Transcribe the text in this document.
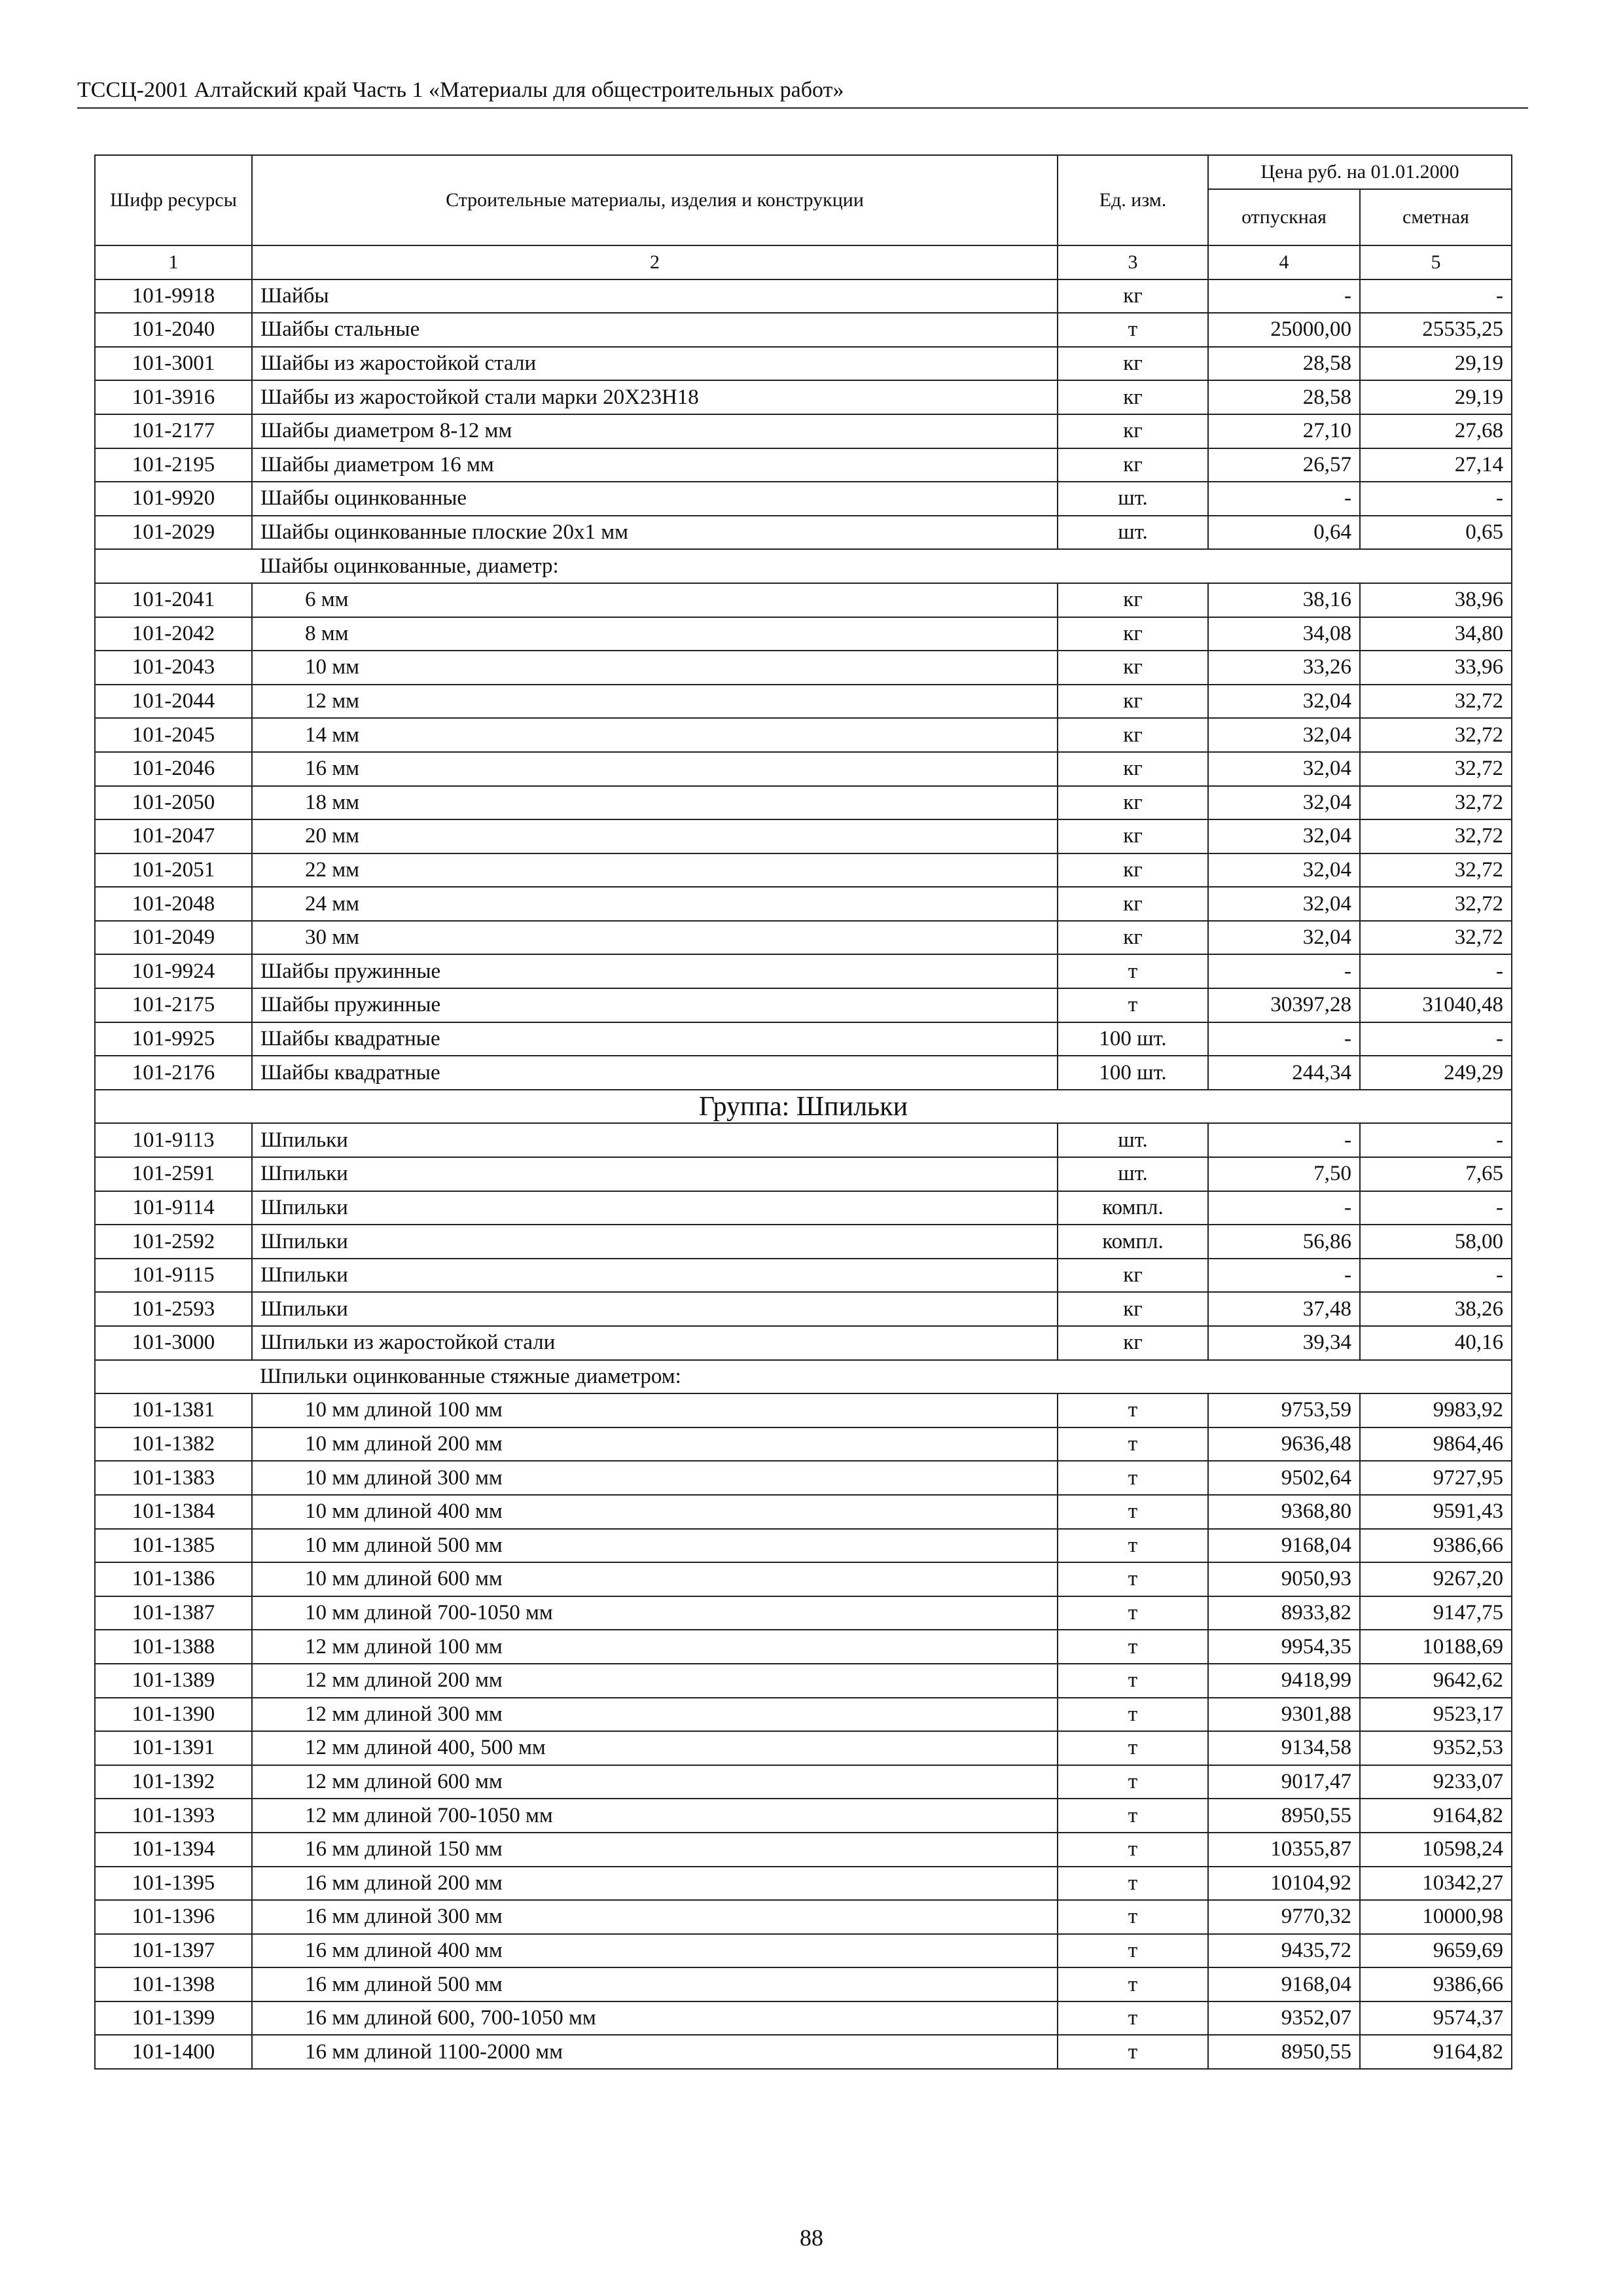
ТССЦ-2001 Алтайский край Часть 1 «Материалы для общестроительных работ»
Шифр ресурсы	Строительные материалы, изделия и конструкции	Ед. изм.	Цена руб. на 01.01.2000	
			отпускная	сметная
1	2	3	4	5
101-9918	Шайбы	кг	-	-
101-2040	Шайбы стальные	т	25000,00	25535,25
101-3001	Шайбы из жаростойкой стали	кг	28,58	29,19
101-3916	Шайбы из жаростойкой стали марки 20Х23Н18	кг	28,58	29,19
101-2177	Шайбы диаметром 8-12 мм	кг	27,10	27,68
101-2195	Шайбы диаметром 16 мм	кг	26,57	27,14
101-9920	Шайбы оцинкованные	шт.	-	-
101-2029	Шайбы оцинкованные плоские 20х1 мм	шт.	0,64	0,65
	Шайбы оцинкованные, диаметр:			
101-2041	6 мм	кг	38,16	38,96
101-2042	8 мм	кг	34,08	34,80
101-2043	10 мм	кг	33,26	33,96
101-2044	12 мм	кг	32,04	32,72
101-2045	14 мм	кг	32,04	32,72
101-2046	16 мм	кг	32,04	32,72
101-2050	18 мм	кг	32,04	32,72
101-2047	20 мм	кг	32,04	32,72
101-2051	22 мм	кг	32,04	32,72
101-2048	24 мм	кг	32,04	32,72
101-2049	30 мм	кг	32,04	32,72
101-9924	Шайбы пружинные	т	-	-
101-2175	Шайбы пружинные	т	30397,28	31040,48
101-9925	Шайбы квадратные	100 шт.	-	-
101-2176	Шайбы квадратные	100 шт.	244,34	249,29
Группа: Шпильки				
101-9113	Шпильки	шт.	-	-
101-2591	Шпильки	шт.	7,50	7,65
101-9114	Шпильки	компл.	-	-
101-2592	Шпильки	компл.	56,86	58,00
101-9115	Шпильки	кг	-	-
101-2593	Шпильки	кг	37,48	38,26
101-3000	Шпильки из жаростойкой стали	кг	39,34	40,16
	Шпильки оцинкованные стяжные диаметром:			
101-1381	10 мм длиной 100 мм	т	9753,59	9983,92
101-1382	10 мм длиной 200 мм	т	9636,48	9864,46
101-1383	10 мм длиной 300 мм	т	9502,64	9727,95
101-1384	10 мм длиной 400 мм	т	9368,80	9591,43
101-1385	10 мм длиной 500 мм	т	9168,04	9386,66
101-1386	10 мм длиной 600 мм	т	9050,93	9267,20
101-1387	10 мм длиной 700-1050 мм	т	8933,82	9147,75
101-1388	12 мм длиной 100 мм	т	9954,35	10188,69
101-1389	12 мм длиной 200 мм	т	9418,99	9642,62
101-1390	12 мм длиной 300 мм	т	9301,88	9523,17
101-1391	12 мм длиной 400, 500 мм	т	9134,58	9352,53
101-1392	12 мм длиной 600 мм	т	9017,47	9233,07
101-1393	12 мм длиной 700-1050 мм	т	8950,55	9164,82
101-1394	16 мм длиной 150 мм	т	10355,87	10598,24
101-1395	16 мм длиной 200 мм	т	10104,92	10342,27
101-1396	16 мм длиной 300 мм	т	9770,32	10000,98
101-1397	16 мм длиной 400 мм	т	9435,72	9659,69
101-1398	16 мм длиной 500 мм	т	9168,04	9386,66
101-1399	16 мм длиной 600, 700-1050 мм	т	9352,07	9574,37
101-1400	16 мм длиной 1100-2000 мм	т	8950,55	9164,82
88
